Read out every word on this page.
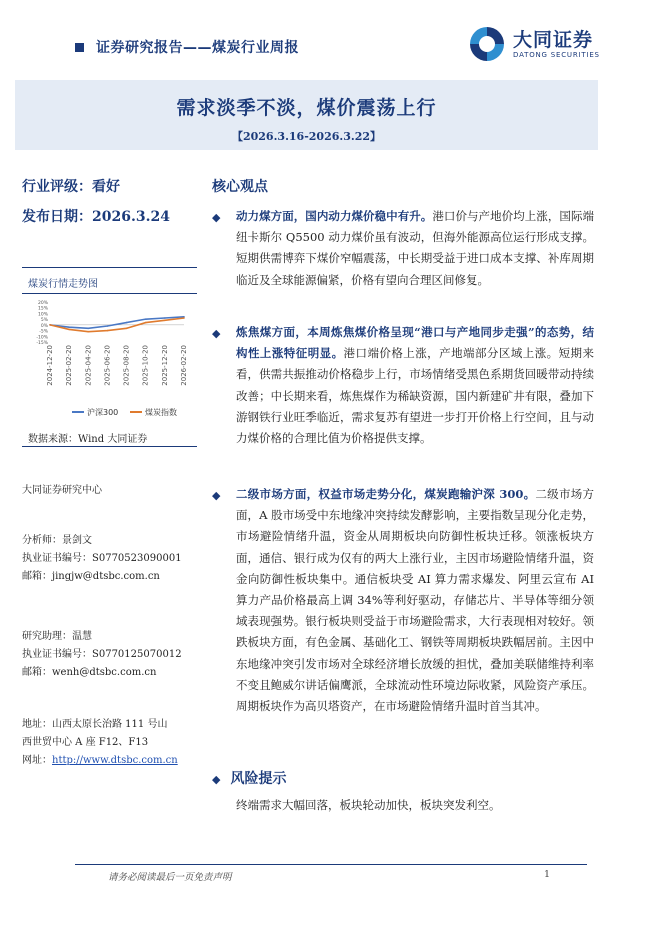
证券研究报告——煤炭行业周报	大同证券
DATONG SECURITIES
需求淡季不淡，煤价震荡上行
【2026.3.16-2026.3.22】
行业评级：看好
发布日期：2026.3.24
煤炭行情走势图
20%
15%
10%
5%
0%
-5%
-10%
-15%
2024-12-20 2025-02-20 2025-04-20 2025-06-20 2025-08-20 2025-10-20 2025-12-20 2026-02-20
沪深300	煤炭指数
数据来源：Wind 大同证券
大同证券研究中心
分析师：景剑文
执业证书编号：S0770523090001
邮箱：jingjw@dtsbc.com.cn
研究助理：温慧
执业证书编号：S0770125070012
邮箱：wenh@dtsbc.com.cn
地址：山西太原长治路 111 号山
西世贸中心 A 座 F12、F13
网址：http://www.dtsbc.com.cn
核心观点
◆	动力煤方面，国内动力煤价稳中有升。港口价与产地价均上涨，国际端纽卡斯尔 Q5500 动力煤价虽有波动，但海外能源高位运行形成支撑。短期供需博弈下煤价窄幅震荡，中长期受益于进口成本支撑、补库周期临近及全球能源偏紧，价格有望向合理区间修复。
◆	炼焦煤方面，本周炼焦煤价格呈现“港口与产地同步走强”的态势，结构性上涨特征明显。港口端价格上涨，产地端部分区域上涨。短期来看，供需共振推动价格稳步上行，市场情绪受黑色系期货回暖带动持续改善；中长期来看，炼焦煤作为稀缺资源，国内新建矿井有限，叠加下游钢铁行业旺季临近，需求复苏有望进一步打开价格上行空间，且与动力煤价格的合理比值为价格提供支撑。
◆	二级市场方面，权益市场走势分化，煤炭跑输沪深 300。二级市场方面，A 股市场受中东地缘冲突持续发酵影响，主要指数呈现分化走势，市场避险情绪升温，资金从周期板块向防御性板块迁移。领涨板块方面，通信、银行成为仅有的两大上涨行业，主因市场避险情绪升温，资金向防御性板块集中。通信板块受 AI 算力需求爆发、阿里云宣布 AI 算力产品价格最高上调 34%等利好驱动，存储芯片、半导体等细分领域表现强势。银行板块则受益于市场避险需求，大行表现相对较好。领跌板块方面，有色金属、基础化工、钢铁等周期板块跌幅居前。主因中东地缘冲突引发市场对全球经济增长放缓的担忧，叠加美联储维持利率不变且鲍威尔讲话偏鹰派，全球流动性环境边际收紧，风险资产承压。周期板块作为高贝塔资产，在市场避险情绪升温时首当其冲。
◆ 风险提示
终端需求大幅回落，板块轮动加快，板块突发利空。
请务必阅读最后一页免责声明	1
